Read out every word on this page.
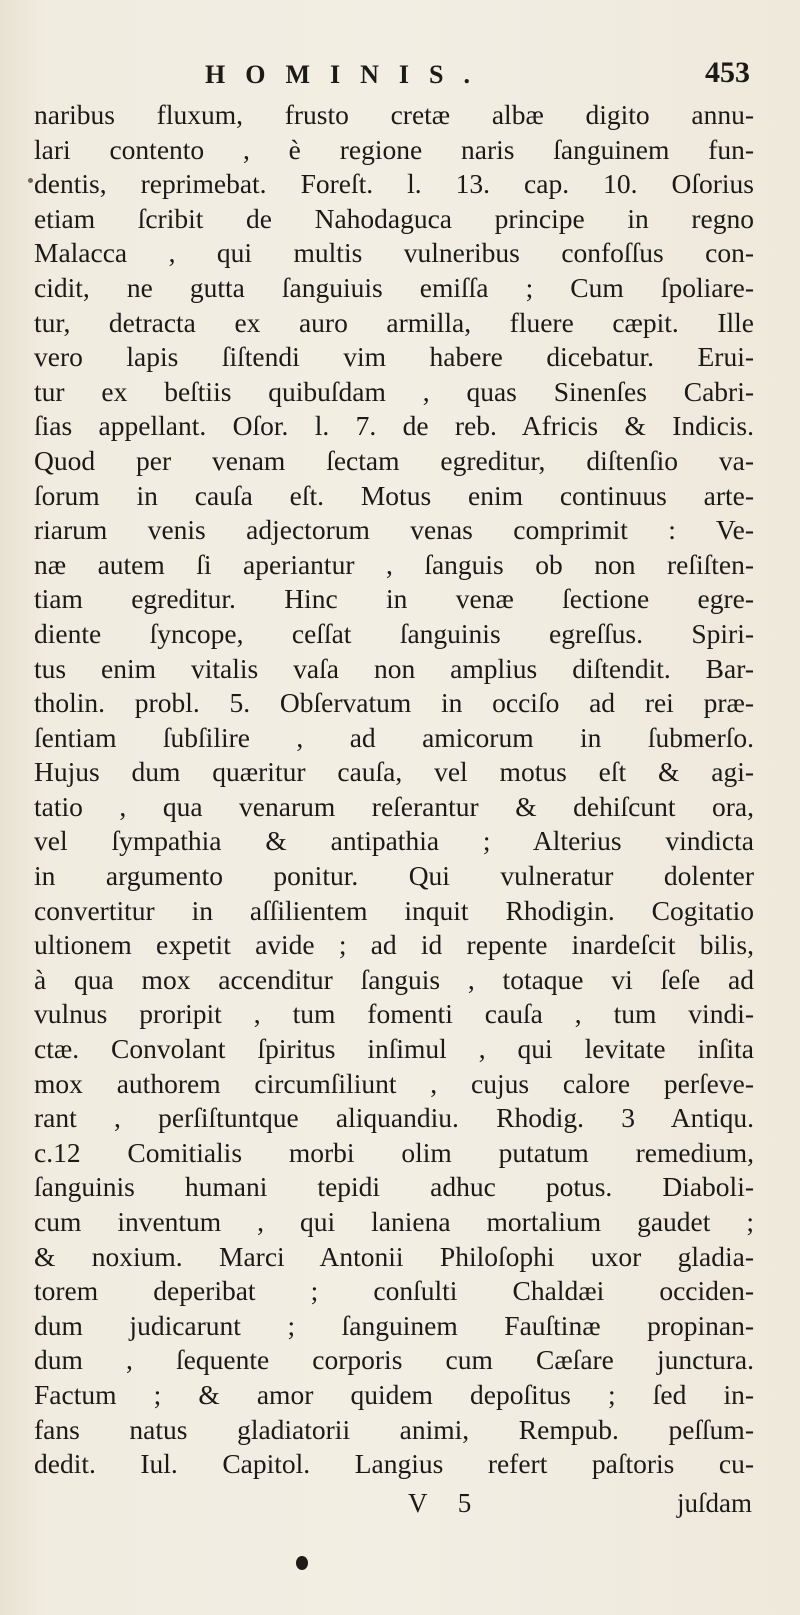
HOMINIS.	453
naribus fluxum, frusto cretæ albæ digito annu-
lari contento , è regione naris ſanguinem fun-
dentis, reprimebat. Foreſt. l. 13. cap. 10. Oſorius
etiam ſcribit de Nahodaguca principe in regno
Malacca , qui multis vulneribus confoſſus con-
cidit, ne gutta ſanguiuis emiſſa ; Cum ſpoliare-
tur, detracta ex auro armilla, fluere cæpit. Ille
vero lapis ſiſtendi vim habere dicebatur. Erui-
tur ex beſtiis quibuſdam , quas Sinenſes Cabri-
ſias appellant. Oſor. l. 7. de reb. Africis & Indicis.
Quod per venam ſectam egreditur, diſtenſio va-
ſorum in cauſa eſt. Motus enim continuus arte-
riarum venis adjectorum venas comprimit : Ve-
næ autem ſi aperiantur , ſanguis ob non reſiſten-
tiam egreditur. Hinc in venæ ſectione egre-
diente ſyncope, ceſſat ſanguinis egreſſus. Spiri-
tus enim vitalis vaſa non amplius diſtendit. Bar-
tholin. probl. 5. Obſervatum in occiſo ad rei præ-
ſentiam ſubſilire , ad amicorum in ſubmerſo.
Hujus dum quæritur cauſa, vel motus eſt & agi-
tatio , qua venarum reſerantur & dehiſcunt ora,
vel ſympathia & antipathia ; Alterius vindicta
in argumento ponitur. Qui vulneratur dolenter
convertitur in aſſilientem inquit Rhodigin. Cogitatio
ultionem expetit avide ; ad id repente inardeſcit bilis,
à qua mox accenditur ſanguis , totaque vi ſeſe ad
vulnus proripit , tum fomenti cauſa , tum vindi-
ctæ. Convolant ſpiritus inſimul , qui levitate inſita
mox authorem circumſiliunt , cujus calore perſeve-
rant , perſiſtuntque aliquandiu. Rhodig. 3 Antiqu.
c.12 Comitialis morbi olim putatum remedium,
ſanguinis humani tepidi adhuc potus. Diaboli-
cum inventum , qui laniena mortalium gaudet ;
& noxium. Marci Antonii Philoſophi uxor gladia-
torem deperibat ; conſulti Chaldæi occiden-
dum judicarunt ; ſanguinem Fauſtinæ propinan-
dum , ſequente corporis cum Cæſare junctura.
Factum ; & amor quidem depoſitus ; ſed in-
fans natus gladiatorii animi, Rempub. peſſum-
dedit. Iul. Capitol. Langius refert paſtoris cu-
V 5	juſdam
